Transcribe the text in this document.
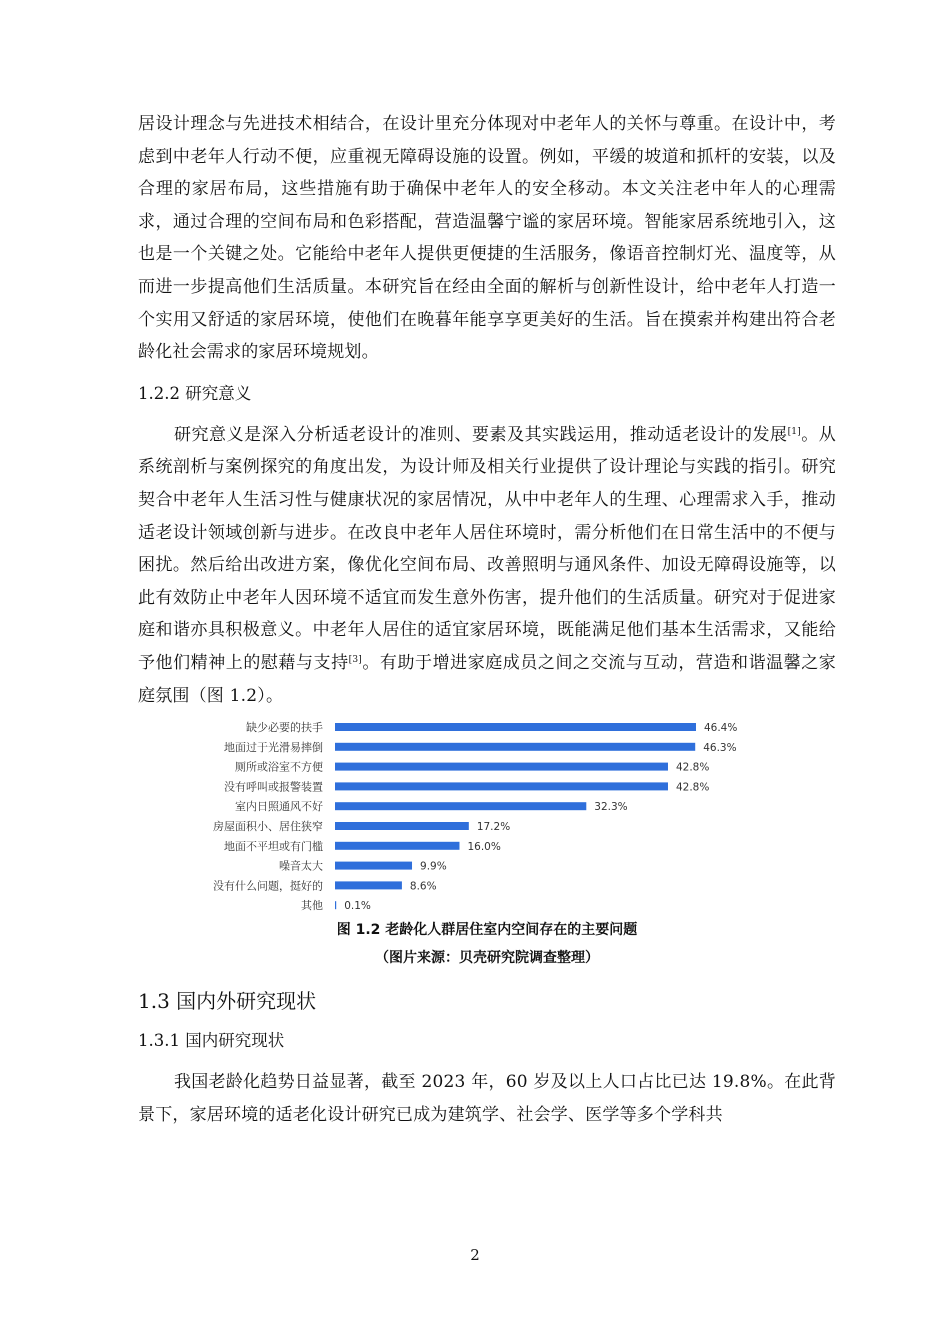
居设计理念与先进技术相结合，在设计里充分体现对中老年人的关怀与尊重。在设计中，考虑到中老年人行动不便，应重视无障碍设施的设置。例如，平缓的坡道和抓杆的安装，以及合理的家居布局，这些措施有助于确保中老年人的安全移动。本文关注老中年人的心理需求，通过合理的空间布局和色彩搭配，营造温馨宁谧的家居环境。智能家居系统地引入，这也是一个关键之处。它能给中老年人提供更便捷的生活服务，像语音控制灯光、温度等，从而进一步提高他们生活质量。本研究旨在经由全面的解析与创新性设计，给中老年人打造一个实用又舒适的家居环境，使他们在晚暮年能享享更美好的生活。旨在摸索并构建出符合老龄化社会需求的家居环境规划。

1.2.2 研究意义

研究意义是深入分析适老设计的准则、要素及其实践运用，推动适老设计的发展[1]。从系统剖析与案例探究的角度出发，为设计师及相关行业提供了设计理论与实践的指引。研究契合中老年人生活习性与健康状况的家居情况，从中中老年人的生理、心理需求入手，推动适老设计领域创新与进步。在改良中老年人居住环境时，需分析他们在日常生活中的不便与困扰。然后给出改进方案，像优化空间布局、改善照明与通风条件、加设无障碍设施等，以此有效防止中老年人因环境不适宜而发生意外伤害，提升他们的生活质量。研究对于促进家庭和谐亦具积极意义。中老年人居住的适宜家居环境，既能满足他们基本生活需求，又能给予他们精神上的慰藉与支持[3]。有助于增进家庭成员之间之交流与互动，营造和谐温馨之家庭氛围（图 1.2）。

缺少必要的扶手	46.4%
地面过于光滑易摔倒	46.3%
厕所或浴室不方便	42.8%
没有呼叫或报警装置	42.8%
室内日照通风不好	32.3%
房屋面积小、居住狭窄	17.2%
地面不平坦或有门槛	16.0%
噪音太大	9.9%
没有什么问题，挺好的	8.6%
其他 0.1%

图 1.2 老龄化人群居住室内空间存在的主要问题

（图片来源：贝壳研究院调查整理）

1.3 国内外研究现状
1.3.1 国内研究现状

我国老龄化趋势日益显著，截至 2023 年，60 岁及以上人口占比已达 19.8%。在此背景下，家居环境的适老化设计研究已成为建筑学、社会学、医学等多个学科共

2
